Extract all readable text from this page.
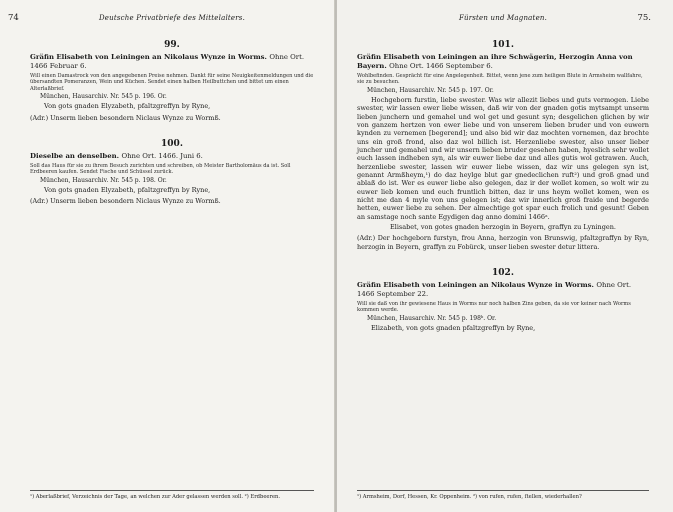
74	Deutsche Privatbriefe des Mittelalters.
99.
Gräfin Elisabeth von Leiningen an Nikolaus Wynze in Worms. Ohne Ort. 1466 Februar 6.
Will einen Damastrock von den angegebenen Preise nehmen. Dankt für seine Neuigkeitenmeldungen und die übersandten Pomeranzen, Wein und Küchen. Sendet einen halben Heilbuttchen und bittet um einen Alterlaßbrief.
München, Hausarchiv. Nr. 545 p. 196. Or.

Von gots gnaden Elyzabeth, pfaltzgreffyn by Ryne,

(Adr.) Unserm lieben besondern Niclaus Wynze zu Wormß.
100.
Dieselbe an denselben. Ohne Ort. 1466. Juni 6.
Soll das Haus für sie zu ihrem Besuch zurichten und schreiben, ob Meister Bartholomäus da ist. Soll Erdbeeren kaufen. Sendet Fische und Schüssel zurück.
München, Hausarchiv. Nr. 545 p. 198. Or.

Von gots gnaden Elyzabeth, pfaltzgreffyn by Ryne,

(Adr.) Unserm lieben besondern Niclaus Wynze zu Wormß.
¹) Aberlaßbrief, Verzeichnis der Tage, an welchen zur Ader gelassen werden soll. ²) Erdbeeren.
Fürsten und Magnaten.	75.
101.
Gräfin Elisabeth von Leiningen an ihre Schwägerin, Herzogin Anna von Bayern. Ohne Ort. 1466 September 6.
Wohlbefinden. Gesprächt für eine Angelegenheit. Bittet, wenn jene zum heiligen Blute in Armsheim wallfahre, sie zu besuchen.
München, Hausarchiv. Nr. 545 p. 197. Or.

Hochgeborn furstin, liebe swester. Was wir allezit liebes und guts vermogen. Liebe swester, wir lassen ewer liebe wissen, daß wir von der gnaden gotis mytsampt unserm lieben junchern und gemahel und wol get und gesunt syn; desgelichen glichen by wir von ganzem hertzen von ewer liebe und von unserem lieben bruder und von euwern kynden zu vernemen [begerend]; und also bid wir daz mochten vornemen, daz brochte uns ein groß frond, also daz wol billich ist. Herzenliebe swester, also unser lieber juncher und gemahel und wir unsern lieben bruder gesehen haben, hyeslich sehr wollet euch lassen indheben syn, als wir euwer liebe daz und alles gutis wol getrawen. Auch, herzenliebe swester, lassen wir euwer liebe wissen, daz wir uns gelegen syn ist, genannt Armßheym,¹) do daz heylge blut gar gnedeclichen ruft²) und groß gnad und ablaß do ist. Wer es euwer liebe also gelegen, daz ir der wollet komen, so wolt wir zu euwer lieb komen und euch fruntlich bitten, daz ir uns heym wollet komen, wen es nicht me dan 4 myle von uns gelegen ist; daz wir innerlich groß fraide und begerde hetten, euwer liebe zu sehen. Der almechtige got spar euch frolich und gesunt! Geben an samstage noch sante Egydigen dag anno domini 1466ᵃ.

Elisabet, von gotes gnaden herzogin in Beyern, graffyn zu Lyningen.
(Adr.) Der hochgeborn furstyn, frou Anna, herzogin von Brunswig, pfaltzgraffyn by Ryn, herzogin in Beyern, graffyn zu Fobürck, unser lieben swester detur littera.
102.
Gräfin Elisabeth von Leiningen an Nikolaus Wynze in Worms. Ohne Ort. 1466 September 22.
Will sie daß von ihr gewiesene Haus in Worms nur noch halben Zins geben, da sie vor keiner nach Worms kommen werde.
München, Hausarchiv. Nr. 545 p. 198ᵇ. Or.

Elizabeth, von gots gnaden pfaltzgreffyn by Ryne,

¹) Armsheim, Dorf, Hessen, Kr. Oppenheim. ²) von rufen, rufen, ſtellen, wiederhallen?
